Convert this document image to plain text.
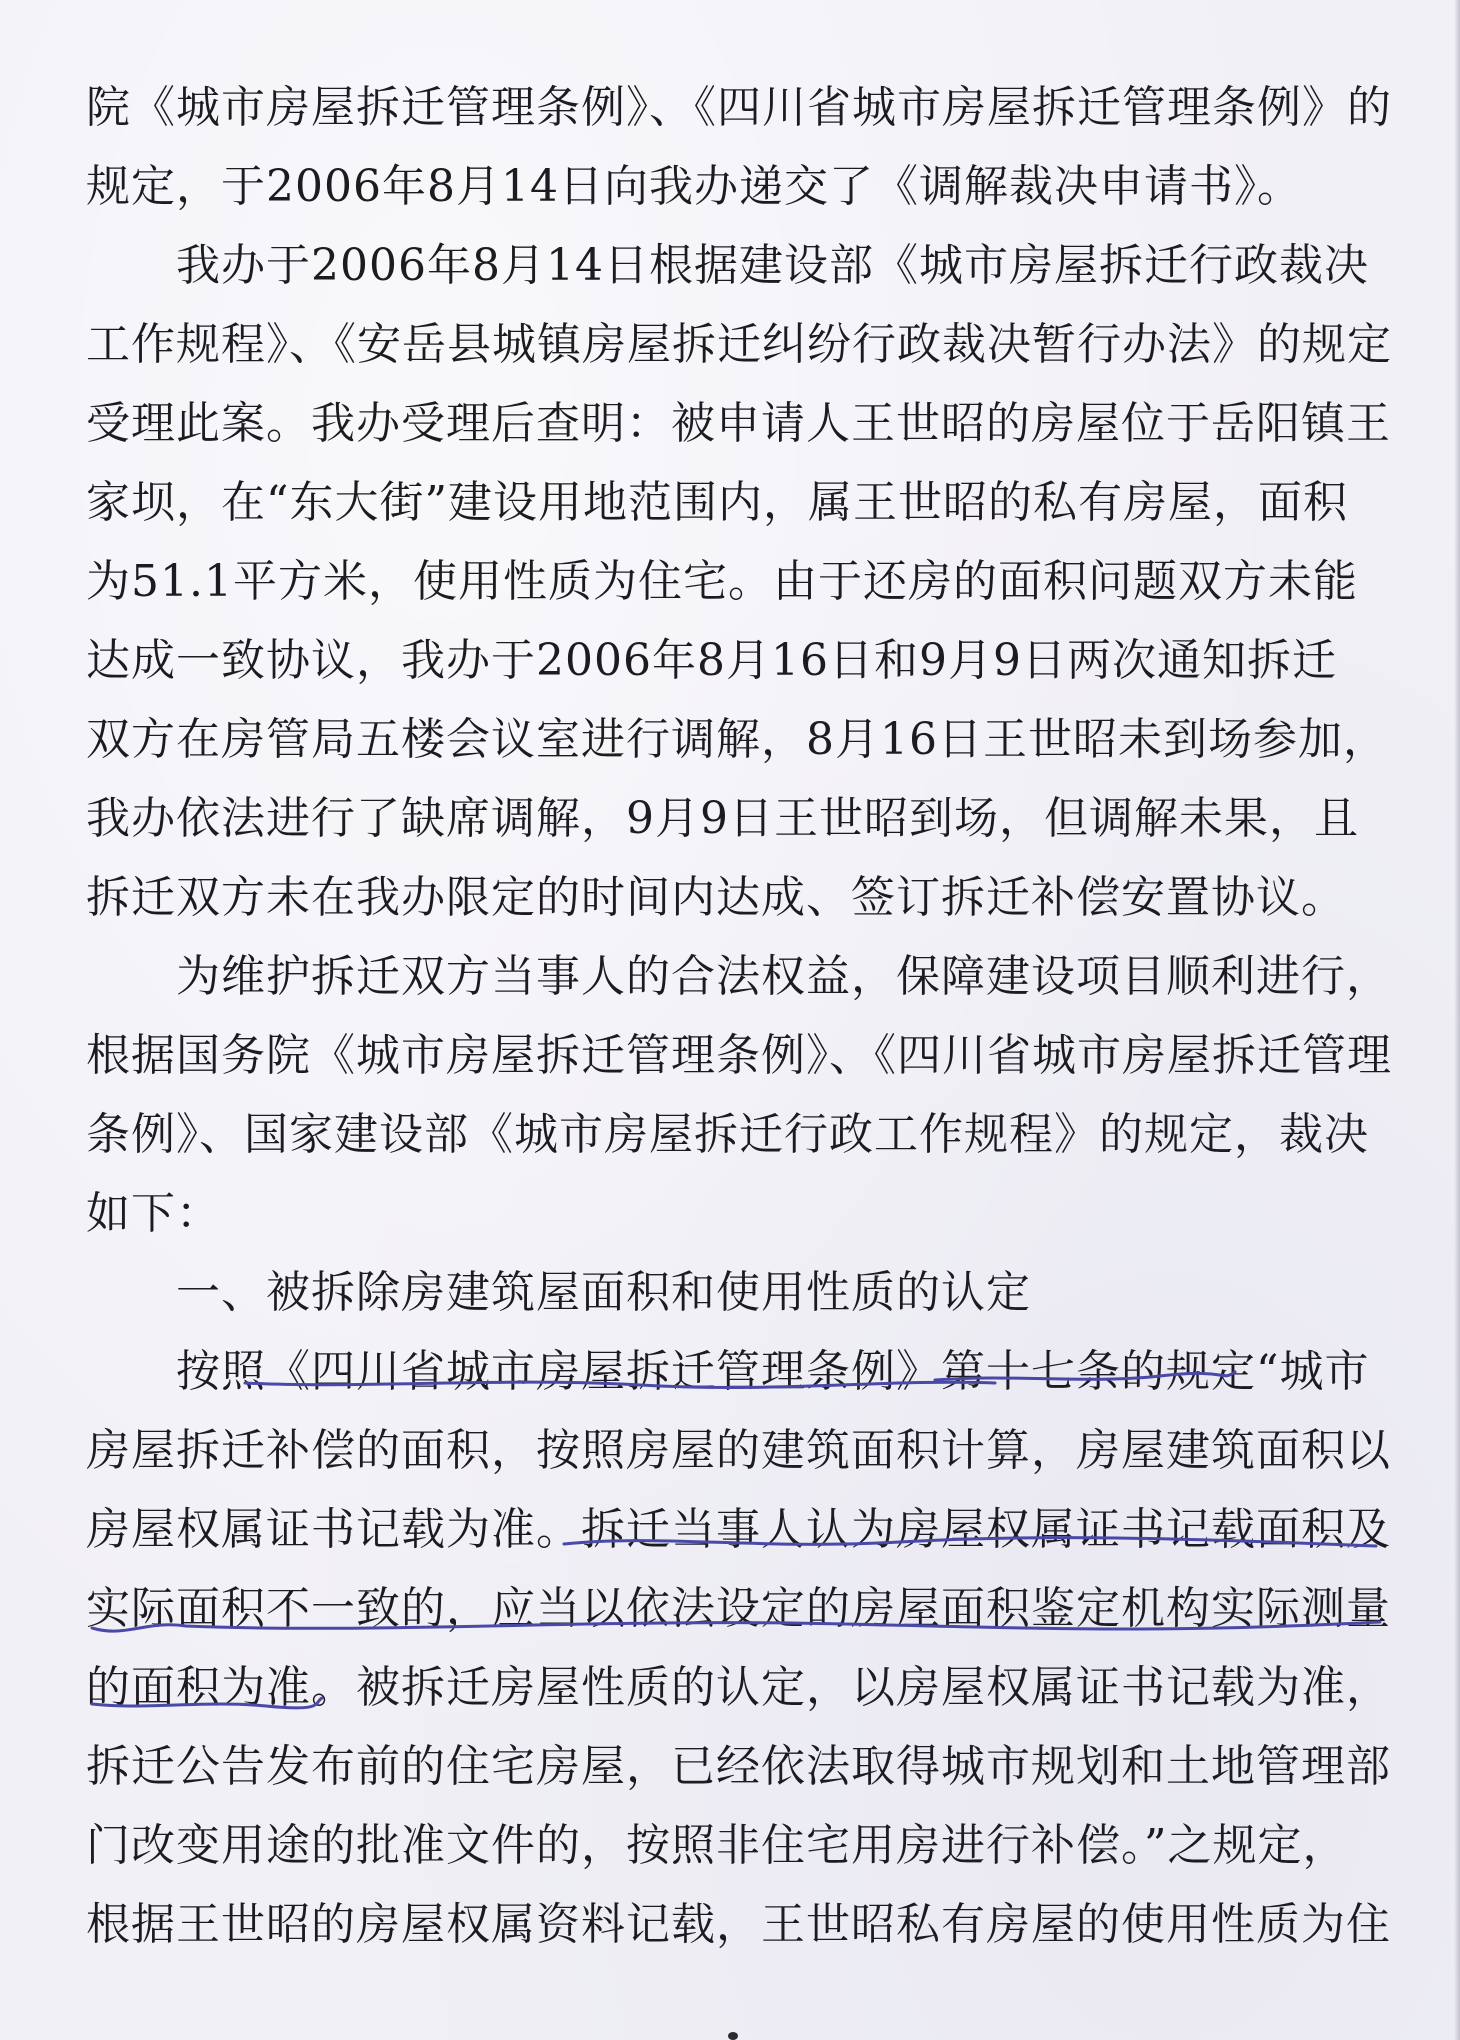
院《城市房屋拆迁管理条例》、《四川省城市房屋拆迁管理条例》的
规定，于2006年8月14日向我办递交了《调解裁决申请书》。
　　我办于2006年8月14日根据建设部《城市房屋拆迁行政裁决
工作规程》、《安岳县城镇房屋拆迁纠纷行政裁决暂行办法》的规定
受理此案。我办受理后查明：被申请人王世昭的房屋位于岳阳镇王
家坝，在“东大街”建设用地范围内，属王世昭的私有房屋，面积
为51.1平方米，使用性质为住宅。由于还房的面积问题双方未能
达成一致协议，我办于2006年8月16日和9月9日两次通知拆迁
双方在房管局五楼会议室进行调解，8月16日王世昭未到场参加，
我办依法进行了缺席调解，9月9日王世昭到场，但调解未果，且
拆迁双方未在我办限定的时间内达成、签订拆迁补偿安置协议。
　　为维护拆迁双方当事人的合法权益，保障建设项目顺利进行，
根据国务院《城市房屋拆迁管理条例》、《四川省城市房屋拆迁管理
条例》、国家建设部《城市房屋拆迁行政工作规程》的规定，裁决
如下：
　　一、被拆除房建筑屋面积和使用性质的认定
　　按照《四川省城市房屋拆迁管理条例》第十七条的规定“城市
房屋拆迁补偿的面积，按照房屋的建筑面积计算，房屋建筑面积以
房屋权属证书记载为准。拆迁当事人认为房屋权属证书记载面积及
实际面积不一致的，应当以依法设定的房屋面积鉴定机构实际测量
的面积为准。被拆迁房屋性质的认定，以房屋权属证书记载为准，
拆迁公告发布前的住宅房屋，已经依法取得城市规划和土地管理部
门改变用途的批准文件的，按照非住宅用房进行补偿。”之规定，
根据王世昭的房屋权属资料记载，王世昭私有房屋的使用性质为住
